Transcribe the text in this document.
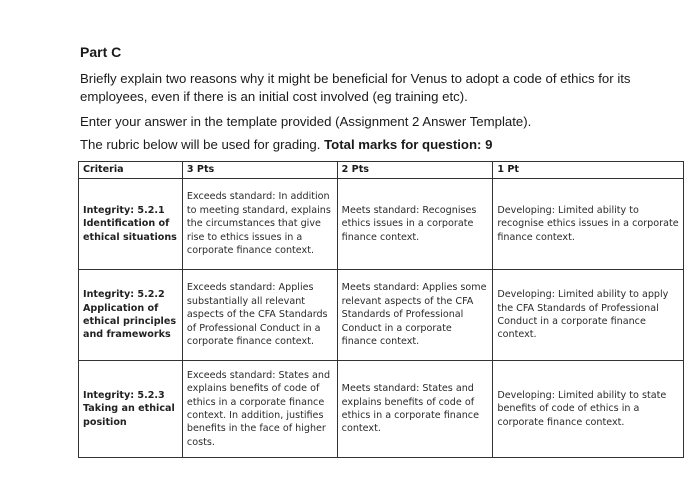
Part C
Briefly explain two reasons why it might be beneficial for Venus to adopt a code of ethics for its employees, even if there is an initial cost involved (eg training etc).
Enter your answer in the template provided (Assignment 2 Answer Template).
The rubric below will be used for grading. Total marks for question: 9
Criteria	3 Pts	2 Pts	1 Pt
Integrity: 5.2.1 Identification of ethical situations	Exceeds standard: In addition to meeting standard, explains the circumstances that give rise to ethics issues in a corporate finance context.	Meets standard: Recognises ethics issues in a corporate finance context.	Developing: Limited ability to recognise ethics issues in a corporate finance context.
Integrity: 5.2.2 Application of ethical principles and frameworks	Exceeds standard: Applies substantially all relevant aspects of the CFA Standards of Professional Conduct in a corporate finance context.	Meets standard: Applies some relevant aspects of the CFA Standards of Professional Conduct in a corporate finance context.	Developing: Limited ability to apply the CFA Standards of Professional Conduct in a corporate finance context.
Integrity: 5.2.3 Taking an ethical position	Exceeds standard: States and explains benefits of code of ethics in a corporate finance context. In addition, justifies benefits in the face of higher costs.	Meets standard: States and explains benefits of code of ethics in a corporate finance context.	Developing: Limited ability to state benefits of code of ethics in a corporate finance context.
